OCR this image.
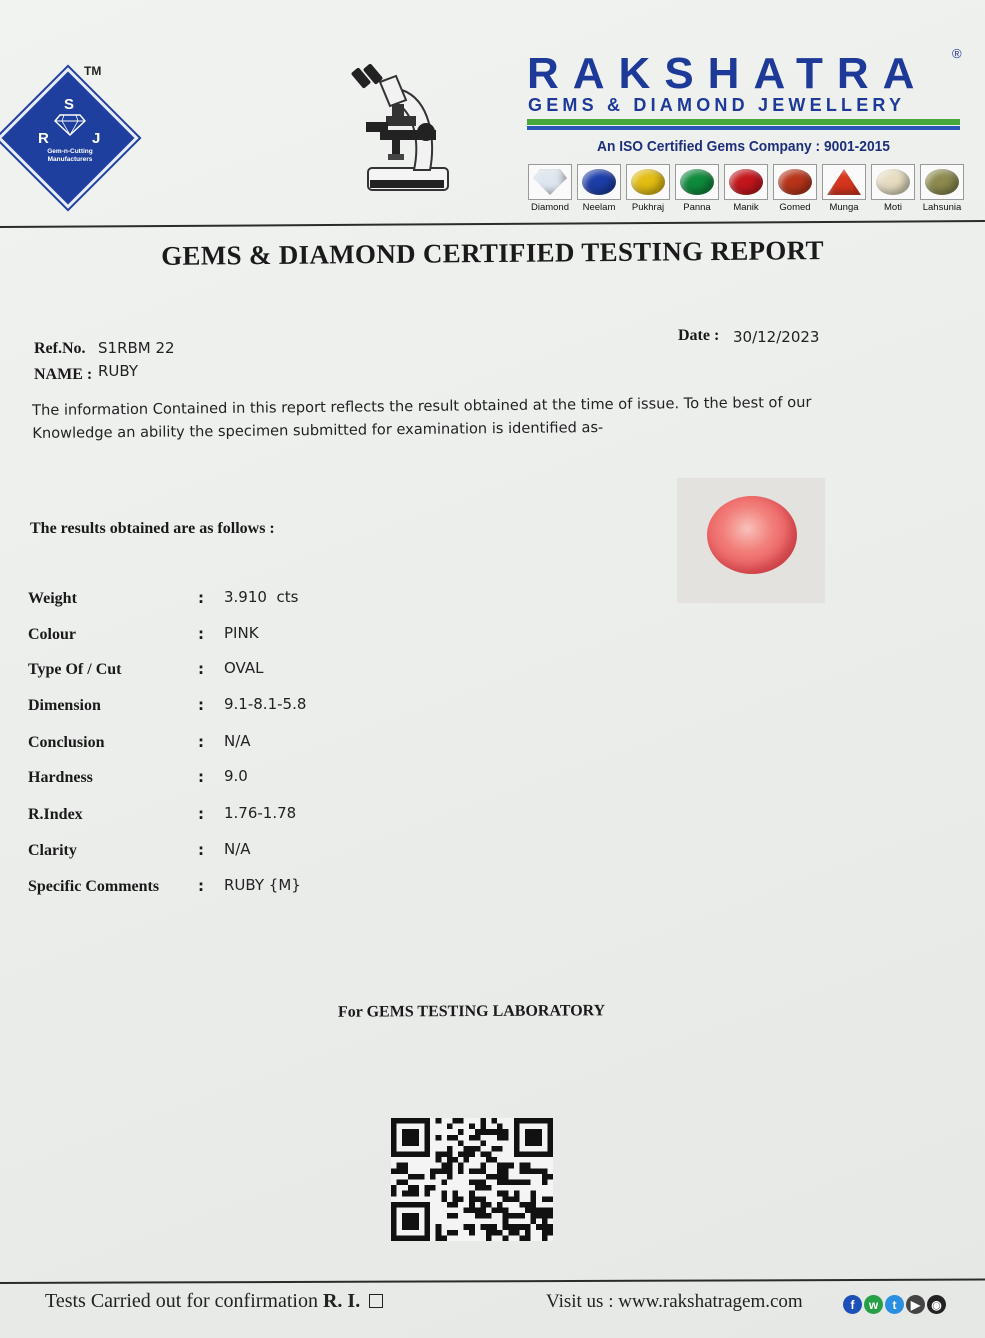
S
R	J
Gem-n-Cutting Manufacturers
TM	RAKSHATRA	®
GEMS & DIAMOND JEWELLERY
An ISO Certified Gems Company : 9001-2015
Diamond Neelam Pukhraj Panna Manik Gomed Munga	Moti Lahsunia
GEMS & DIAMOND CERTIFIED TESTING REPORT
Date : 30/12/2023
Ref.No. S1RBM 22
NAME : RUBY
The information Contained in this report reflects the result obtained at the time of issue. To the best of our
Knowledge an ability the specimen submitted for examination is identified as-
The results obtained are as follows :
Weight	: 3.910  cts
Colour	: PINK
Type Of / Cut	: OVAL
Dimension	: 9.1-8.1-5.8
Conclusion	: N/A
Hardness	: 9.0
R.Index	: 1.76-1.78
Clarity	: N/A
Specific Comments	: RUBY {M}
For GEMS TESTING LABORATORY
Tests Carried out for confirmation R. I.	Visit us : www.rakshatragem.com	f	w	t	▶ ◉
